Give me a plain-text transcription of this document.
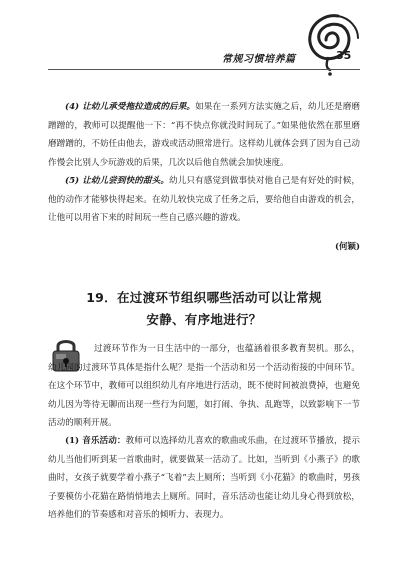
常规习惯培养篇	35

(4) 让幼儿承受拖拉造成的后果。如果在一系列方法实施之后，幼儿还是磨磨蹭蹭的，教师可以提醒他一下：“再不快点你就没时间玩了。”如果他依然在那里磨磨蹭蹭的，不妨任由他去，游戏或活动照常进行。这样幼儿就体会到了因为自己动作慢会比别人少玩游戏的后果，几次以后他自然就会加快速度。

(5) 让幼儿尝到快的甜头。幼儿只有感觉到做事快对他自己是有好处的时候，他的动作才能够快得起来。在幼儿较快完成了任务之后，要给他自由游戏的机会，让他可以用省下来的时间玩一些自己感兴趣的游戏。

(何颖)
19．在过渡环节组织哪些活动可以让常规
安静、有序地进行？

过渡环节作为一日生活中的一部分，也蕴涵着很多教育契机。那么，幼儿园的过渡环节具体是指什么呢？是指一个活动和另一个活动衔接的中间环节。在这个环节中，教师可以组织幼儿有序地进行活动，既不使时间被浪费掉，也避免幼儿因为等待无聊而出现一些行为问题，如打闹、争执、乱跑等，以致影响下一节活动的顺利开展。

(1) 音乐活动：教师可以选择幼儿喜欢的歌曲或乐曲，在过渡环节播放，提示幼儿当他们听到某一首歌曲时，就要做某一活动了。比如，当听到《小燕子》的歌曲时，女孩子就要学着小燕子“飞着”去上厕所；当听到《小花猫》的歌曲时，男孩子要模仿小花猫在路悄悄地去上厕所。同时，音乐活动也能让幼儿身心得到放松，培养他们的节奏感和对音乐的倾听力、表现力。
